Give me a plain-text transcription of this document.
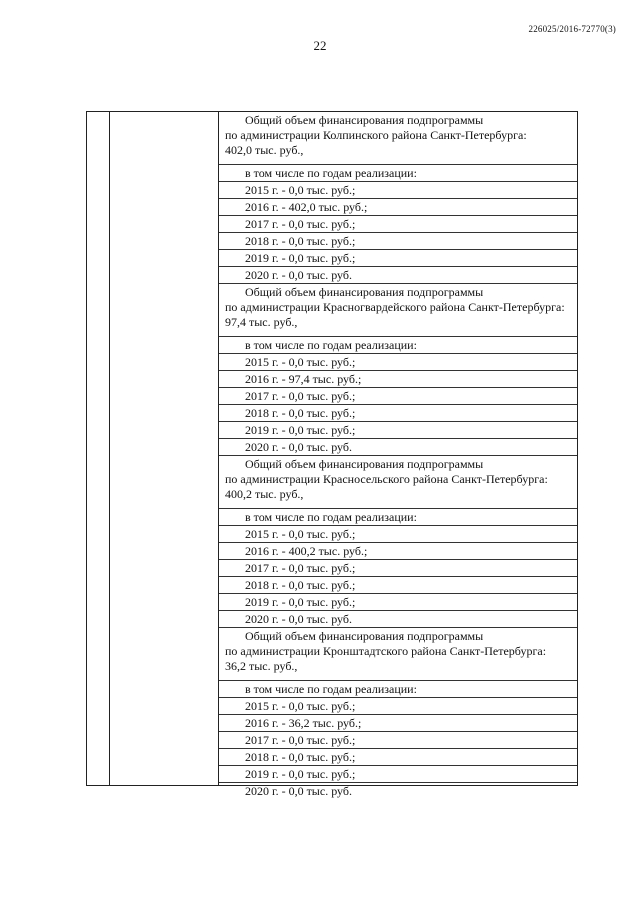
226025/2016-72770(3)
22
Общий объем финансирования подпрограммы
по администрации Колпинского района Санкт-Петербурга:
402,0 тыс. руб.,
в том числе по годам реализации:
2015 г. - 0,0 тыс. руб.;
2016 г. - 402,0 тыс. руб.;
2017 г. - 0,0 тыс. руб.;
2018 г. - 0,0 тыс. руб.;
2019 г. - 0,0 тыс. руб.;
2020 г. - 0,0 тыс. руб.
Общий объем финансирования подпрограммы
по администрации Красногвардейского района Санкт-Петербурга:
97,4 тыс. руб.,
в том числе по годам реализации:
2015 г. - 0,0 тыс. руб.;
2016 г. - 97,4 тыс. руб.;
2017 г. - 0,0 тыс. руб.;
2018 г. - 0,0 тыс. руб.;
2019 г. - 0,0 тыс. руб.;
2020 г. - 0,0 тыс. руб.
Общий объем финансирования подпрограммы
по администрации Красносельского района Санкт-Петербурга:
400,2 тыс. руб.,
в том числе по годам реализации:
2015 г. - 0,0 тыс. руб.;
2016 г. - 400,2 тыс. руб.;
2017 г. - 0,0 тыс. руб.;
2018 г. - 0,0 тыс. руб.;
2019 г. - 0,0 тыс. руб.;
2020 г. - 0,0 тыс. руб.
Общий объем финансирования подпрограммы
по администрации Кронштадтского района Санкт-Петербурга:
36,2 тыс. руб.,
в том числе по годам реализации:
2015 г. - 0,0 тыс. руб.;
2016 г. - 36,2 тыс. руб.;
2017 г. - 0,0 тыс. руб.;
2018 г. - 0,0 тыс. руб.;
2019 г. - 0,0 тыс. руб.;
2020 г. - 0,0 тыс. руб.
